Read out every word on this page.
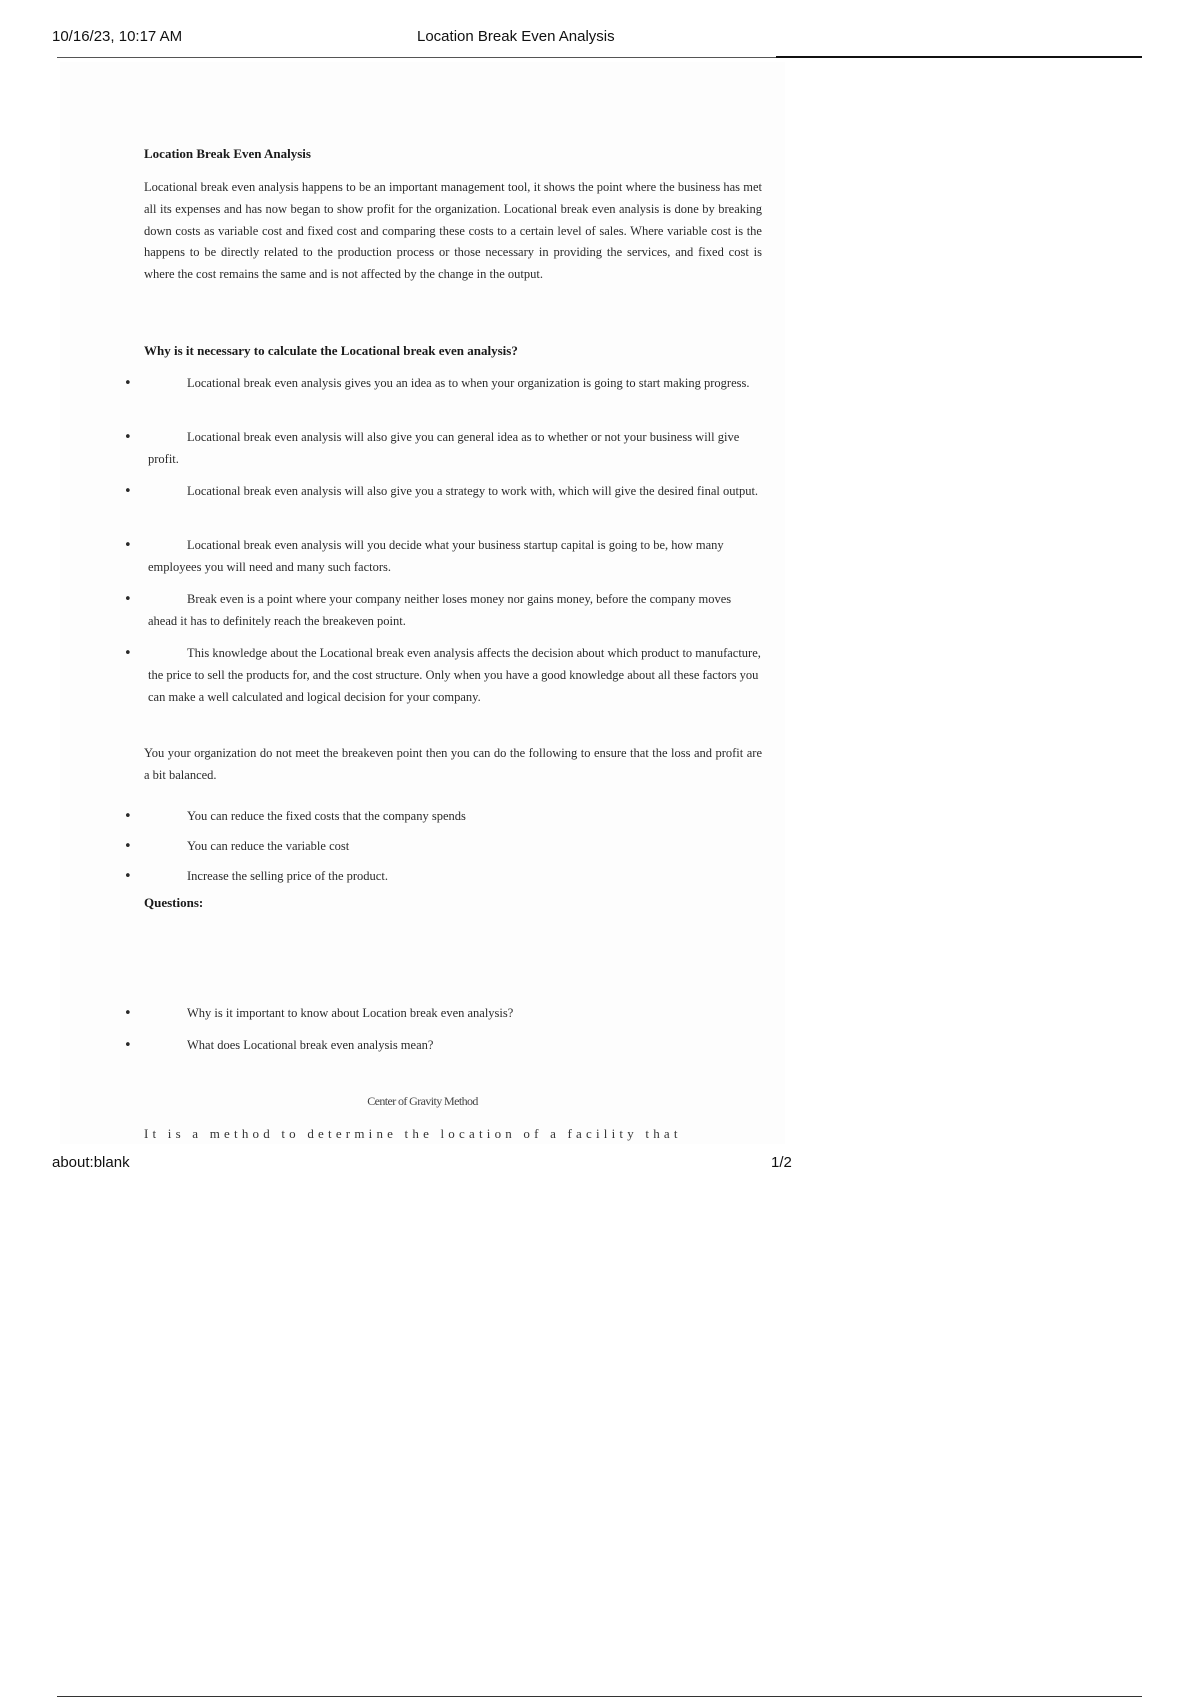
10/16/23, 10:17 AM	Location Break Even Analysis
Location Break Even Analysis

Locational break even analysis happens to be an important management tool, it shows the point where the business has met all its expenses and has now began to show profit for the organization. Locational break even analysis is done by breaking down costs as variable cost and fixed cost and comparing these costs to a certain level of sales. Where variable cost is the happens to be directly related to the production process or those necessary in providing the services, and fixed cost is where the cost remains the same and is not affected by the change in the output.

Why is it necessary to calculate the Locational break even analysis?
•	Locational break even analysis gives you an idea as to when your organization is going to start making progress.

•	Locational break even analysis will also give you can general idea as to whether or not your business will give profit.

•	Locational break even analysis will also give you a strategy to work with, which will give the desired final output.

•	Locational break even analysis will you decide what your business startup capital is going to be, how many employees you will need and many such factors.

•	Break even is a point where your company neither loses money nor gains money, before the company moves ahead it has to definitely reach the breakeven point.

•	This knowledge about the Locational break even analysis affects the decision about which product to manufacture, the price to sell the products for, and the cost structure. Only when you have a good knowledge about all these factors you can make a well calculated and logical decision for your company.

You your organization do not meet the breakeven point then you can do the following to ensure that the loss and profit are a bit balanced.

•	You can reduce the fixed costs that the company spends

•	You can reduce the variable cost

•	Increase the selling price of the product.

Questions:
•	Why is it important to know about Location break even analysis?

•	What does Locational break even analysis mean?

Center of Gravity Method
It is a method to determine the location of a facility that
about:blank	1/2
